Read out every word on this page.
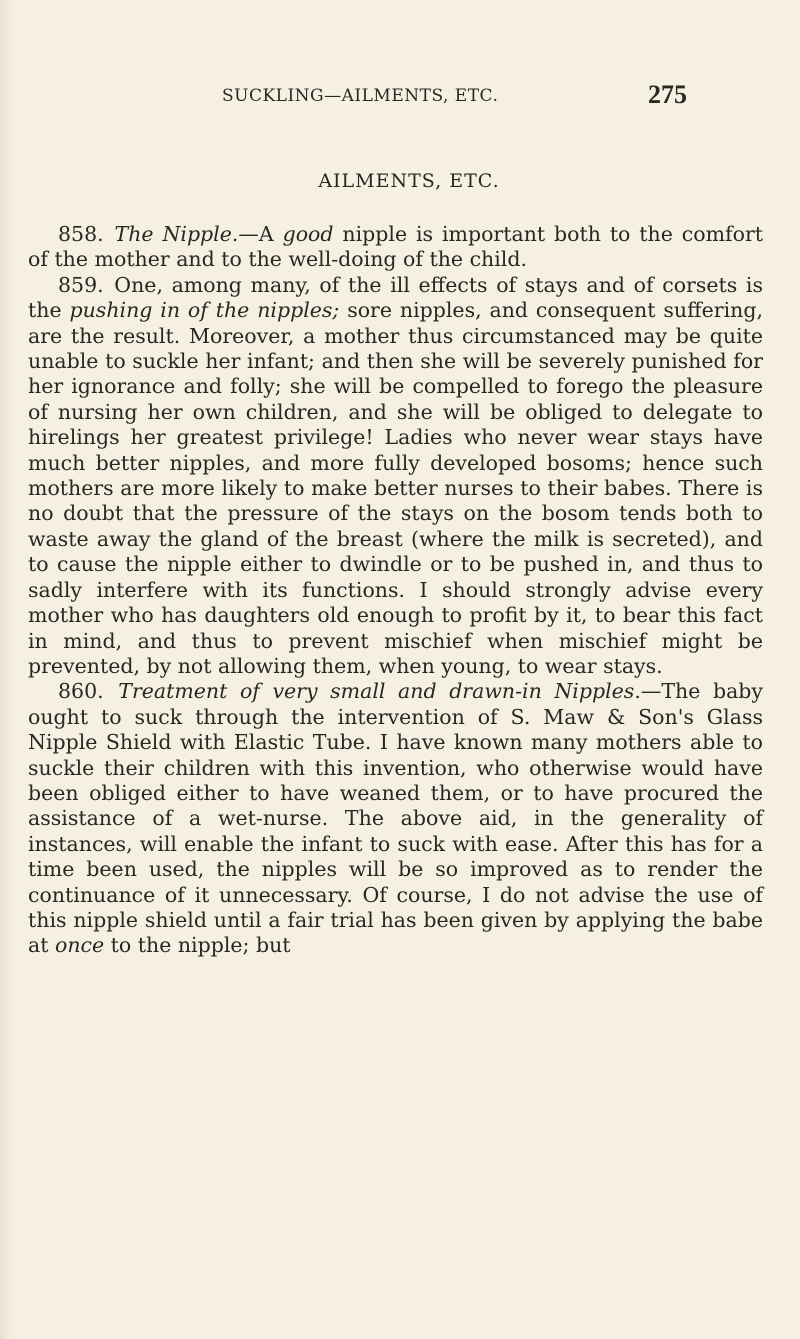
SUCKLING—AILMENTS, ETC.	275
AILMENTS, ETC.

858. The Nipple.—A good nipple is important both to the comfort of the mother and to the well-doing of the child.

859. One, among many, of the ill effects of stays and of corsets is the pushing in of the nipples; sore nipples, and consequent suffering, are the result. Moreover, a mother thus circumstanced may be quite unable to suckle her infant; and then she will be severely punished for her ignorance and folly; she will be compelled to forego the pleasure of nursing her own children, and she will be obliged to delegate to hirelings her greatest privilege! Ladies who never wear stays have much better nipples, and more fully developed bosoms; hence such mothers are more likely to make better nurses to their babes. There is no doubt that the pressure of the stays on the bosom tends both to waste away the gland of the breast (where the milk is secreted), and to cause the nipple either to dwindle or to be pushed in, and thus to sadly interfere with its functions. I should strongly advise every mother who has daughters old enough to profit by it, to bear this fact in mind, and thus to prevent mischief when mischief might be prevented, by not allowing them, when young, to wear stays.

860. Treatment of very small and drawn-in Nipples.—The baby ought to suck through the intervention of S. Maw & Son's Glass Nipple Shield with Elastic Tube. I have known many mothers able to suckle their children with this invention, who otherwise would have been obliged either to have weaned them, or to have procured the assistance of a wet-nurse. The above aid, in the generality of instances, will enable the infant to suck with ease. After this has for a time been used, the nipples will be so improved as to render the continuance of it unnecessary. Of course, I do not advise the use of this nipple shield until a fair trial has been given by applying the babe at once to the nipple; but
